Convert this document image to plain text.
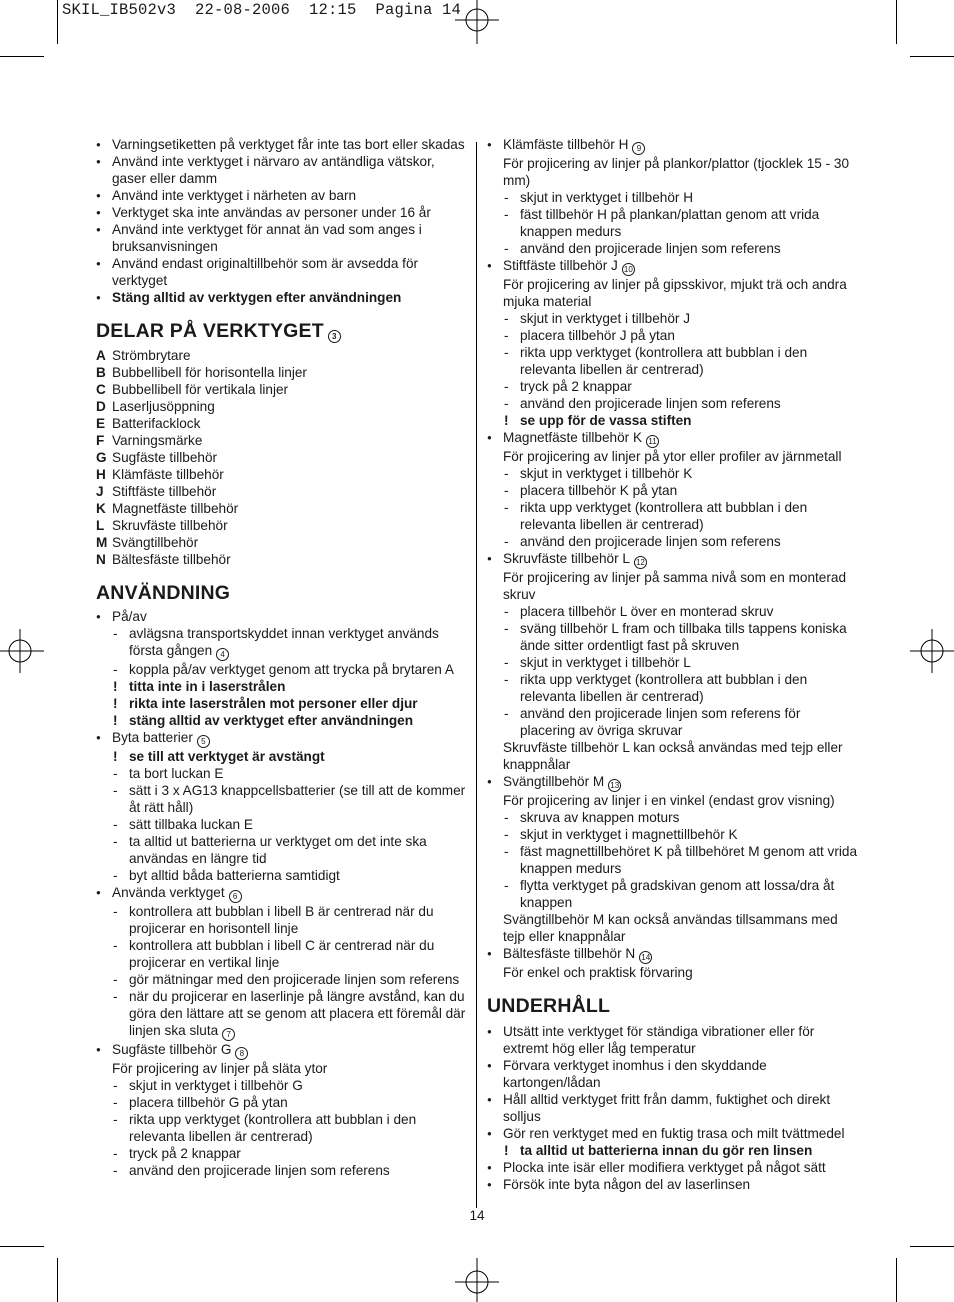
SKIL_IB502v3  22-08-2006  12:15  Pagina 14
● Varningsetiketten på verktyget får inte tas bort eller skadas
● Använd inte verktyget i närvaro av antändliga vätskor, gaser eller damm
● Använd inte verktyget i närheten av barn
● Verktyget ska inte användas av personer under 16 år
● Använd inte verktyget för annat än vad som anges i bruksanvisningen
● Använd endast originaltillbehör som är avsedda för verktyget
● Stäng alltid av verktygen efter användningen
DELAR PÅ VERKTYGET 3
A Strömbrytare
B Bubbellibell för horisontella linjer
C Bubbellibell för vertikala linjer
D Laserljusöppning
E Batterifacklock
F Varningsmärke
G Sugfäste tillbehör
H Klämfäste tillbehör
J Stiftfäste tillbehör
K Magnetfäste tillbehör
L Skruvfäste tillbehör
M Svängtillbehör
N Bältesfäste tillbehör
ANVÄNDNING
● På/av
- avlägsna transportskyddet innan verktyget används första gången 4
- koppla på/av verktyget genom att trycka på brytaren A
! titta inte in i laserstrålen
! rikta inte laserstrålen mot personer eller djur
! stäng alltid av verktyget efter användningen
● Byta batterier 5
! se till att verktyget är avstängt
- ta bort luckan E
- sätt i 3 x AG13 knappcellsbatterier (se till att de kommer åt rätt håll)
- sätt tillbaka luckan E
- ta alltid ut batterierna ur verktyget om det inte ska användas en längre tid
- byt alltid båda batterierna samtidigt
● Använda verktyget 6
- kontrollera att bubblan i libell B är centrerad när du projicerar en horisontell linje
- kontrollera att bubblan i libell C är centrerad när du projicerar en vertikal linje
- gör mätningar med den projicerade linjen som referens
- när du projicerar en laserlinje på längre avstånd, kan du göra den lättare att se genom att placera ett föremål där linjen ska sluta 7
● Sugfäste tillbehör G 8
För projicering av linjer på släta ytor
- skjut in verktyget i tillbehör G
- placera tillbehör G på ytan
- rikta upp verktyget (kontrollera att bubblan i den relevanta libellen är centrerad)
- tryck på 2 knappar
- använd den projicerade linjen som referens
● Klämfäste tillbehör H 9
För projicering av linjer på plankor/plattor (tjocklek 15 - 30 mm)
- skjut in verktyget i tillbehör H
- fäst tillbehör H på plankan/plattan genom att vrida knappen medurs
- använd den projicerade linjen som referens
● Stiftfäste tillbehör J 10
För projicering av linjer på gipsskivor, mjukt trä och andra mjuka material
- skjut in verktyget i tillbehör J
- placera tillbehör J på ytan
- rikta upp verktyget (kontrollera att bubblan i den relevanta libellen är centrerad)
- tryck på 2 knappar
- använd den projicerade linjen som referens
! se upp för de vassa stiften
● Magnetfäste tillbehör K 11
För projicering av linjer på ytor eller profiler av järnmetall
- skjut in verktyget i tillbehör K
- placera tillbehör K på ytan
- rikta upp verktyget (kontrollera att bubblan i den relevanta libellen är centrerad)
- använd den projicerade linjen som referens
● Skruvfäste tillbehör L 12
För projicering av linjer på samma nivå som en monterad skruv
- placera tillbehör L över en monterad skruv
- sväng tillbehör L fram och tillbaka tills tappens koniska ände sitter ordentligt fast på skruven
- skjut in verktyget i tillbehör L
- rikta upp verktyget (kontrollera att bubblan i den relevanta libellen är centrerad)
- använd den projicerade linjen som referens för placering av övriga skruvar
Skruvfäste tillbehör L kan också användas med tejp eller knappnålar
● Svängtillbehör M 13
För projicering av linjer i en vinkel (endast grov visning)
- skruva av knappen moturs
- skjut in verktyget i magnettillbehör K
- fäst magnettillbehöret K på tillbehöret M genom att vrida knappen medurs
- flytta verktyget på gradskivan genom att lossa/dra åt knappen
Svängtillbehör M kan också användas tillsammans med tejp eller knappnålar
● Bältesfäste tillbehör N 14
För enkel och praktisk förvaring
UNDERHÅLL
● Utsätt inte verktyget för ständiga vibrationer eller för extremt hög eller låg temperatur
● Förvara verktyget inomhus i den skyddande kartongen/lådan
● Håll alltid verktyget fritt från damm, fuktighet och direkt solljus
● Gör ren verktyget med en fuktig trasa och milt tvättmedel
! ta alltid ut batterierna innan du gör ren linsen
● Plocka inte isär eller modifiera verktyget på något sätt
● Försök inte byta någon del av laserlinsen
14
